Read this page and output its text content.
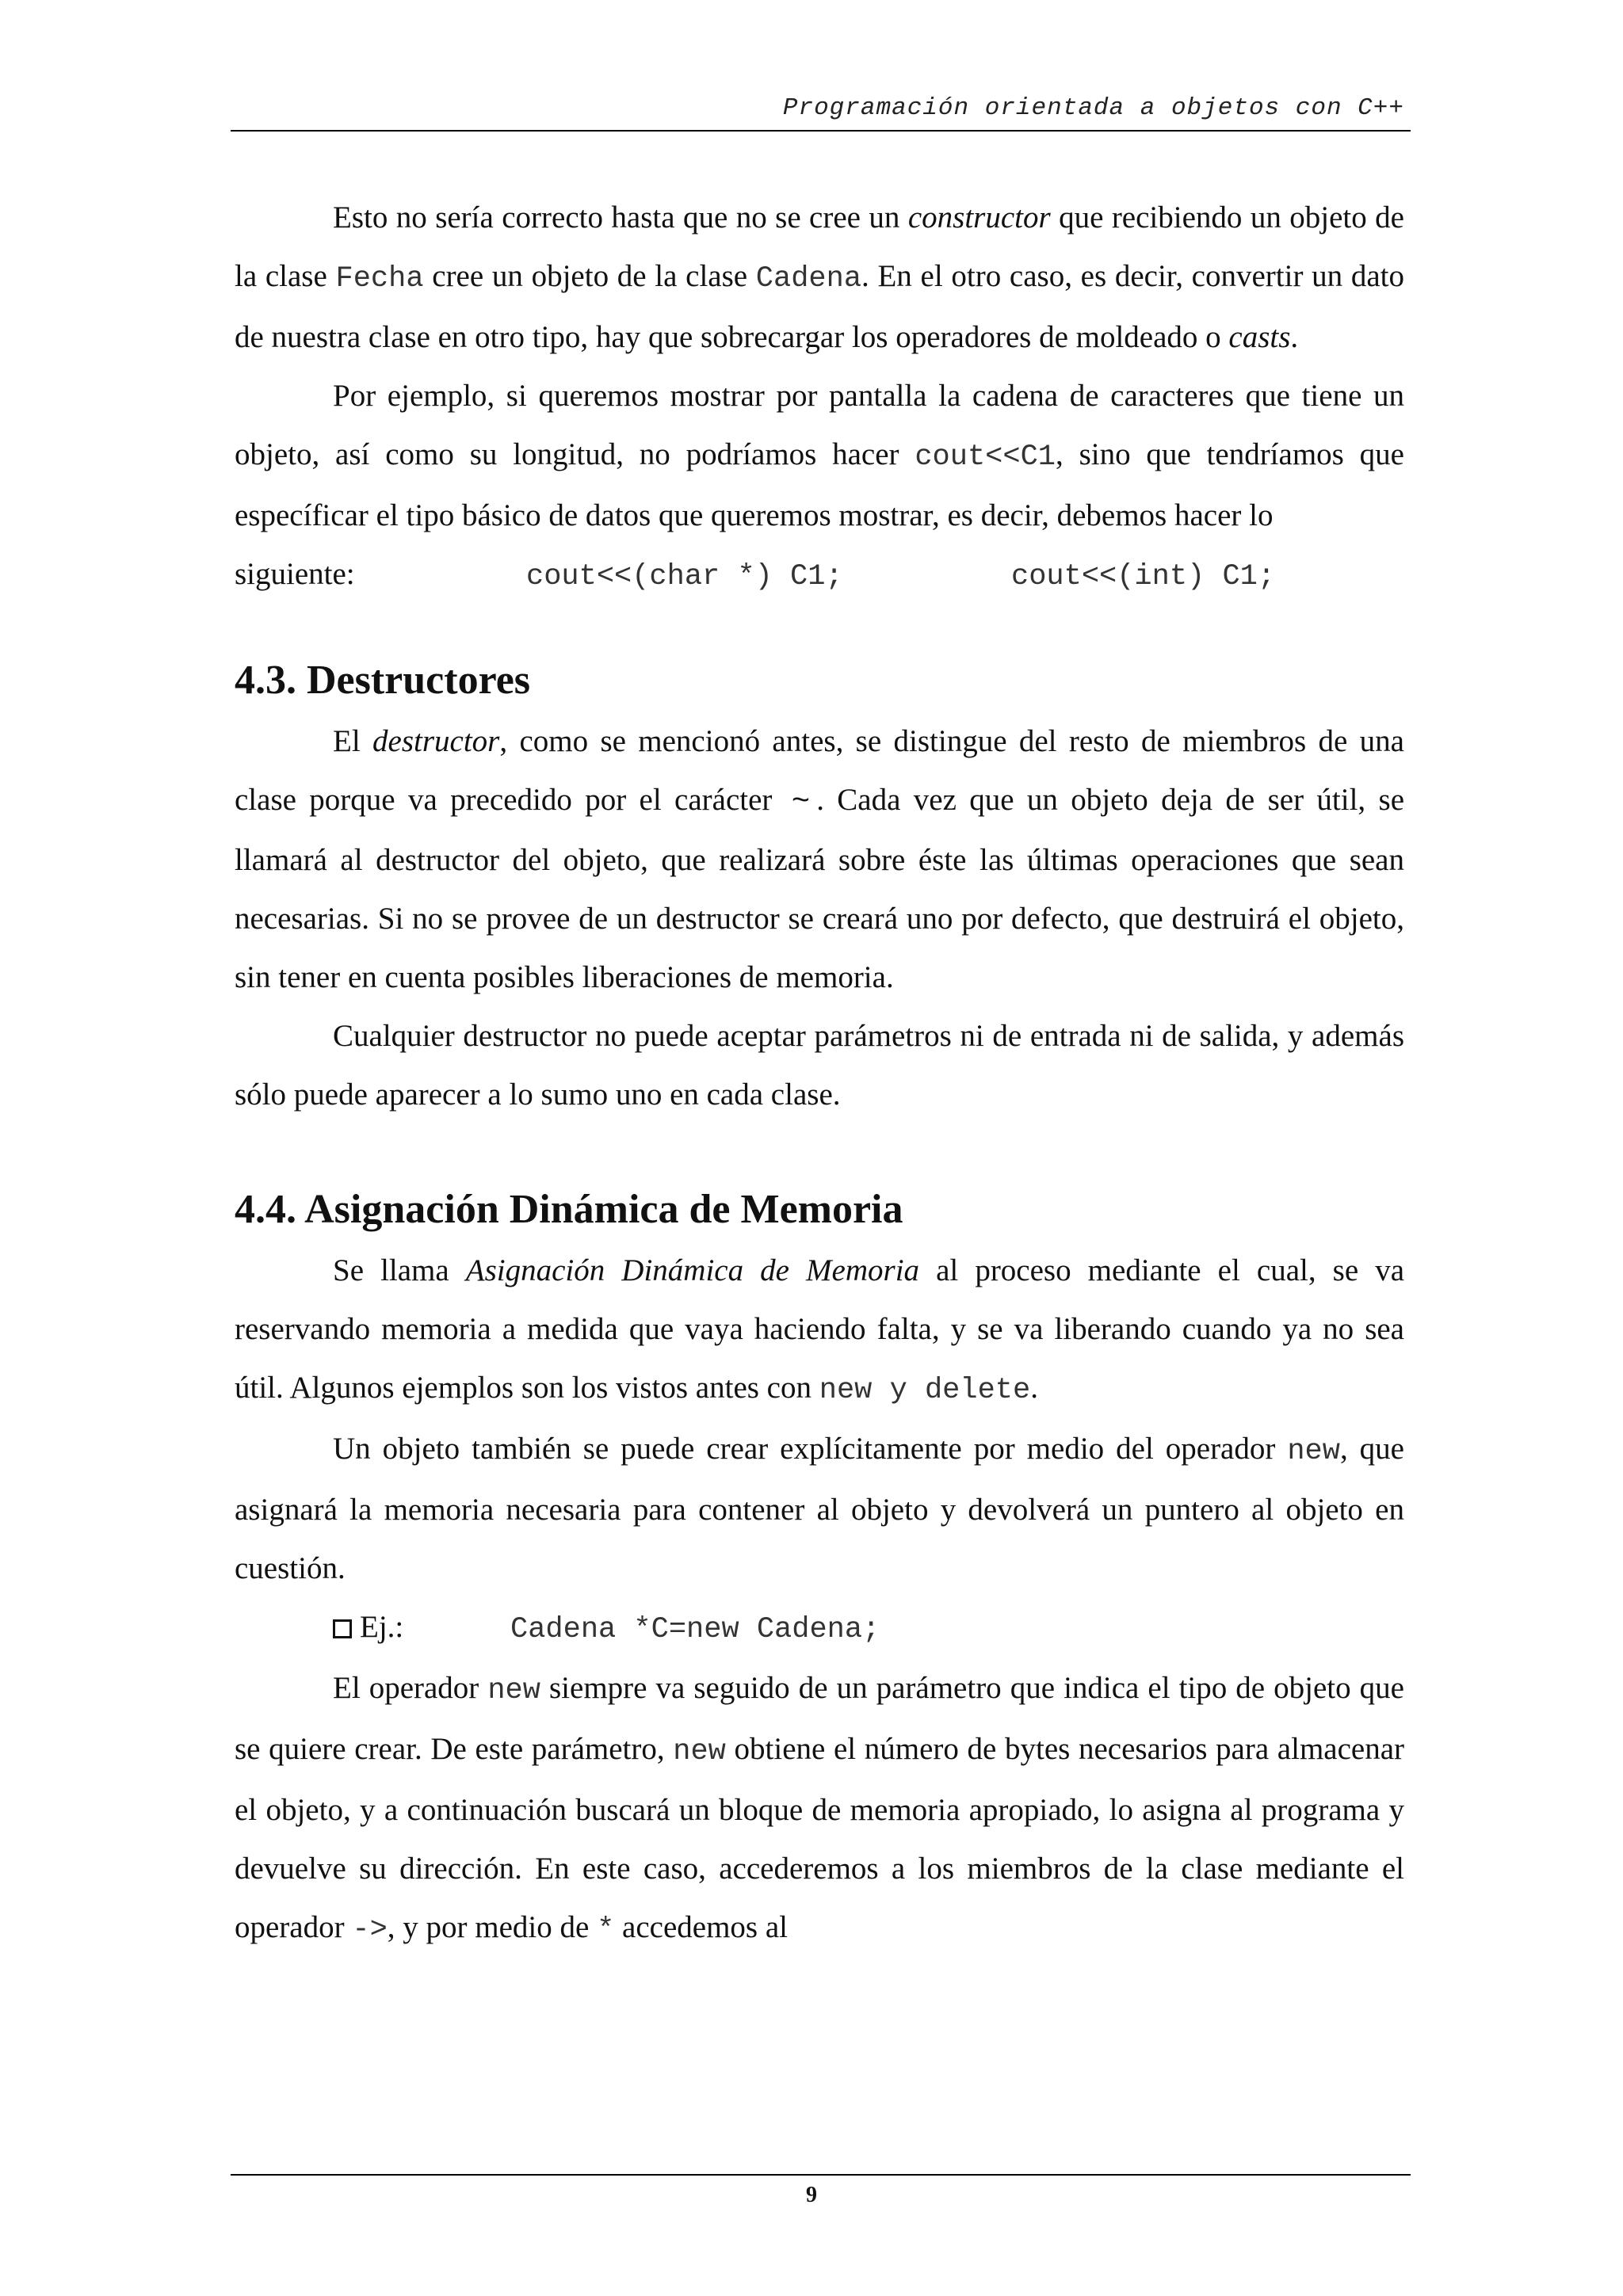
Programación orientada a objetos con C++

Esto no sería correcto hasta que no se cree un constructor que recibiendo un objeto de la clase Fecha cree un objeto de la clase Cadena. En el otro caso, es decir, convertir un dato de nuestra clase en otro tipo, hay que sobrecargar los operadores de moldeado o casts.

Por ejemplo, si queremos mostrar por pantalla la cadena de caracteres que tiene un objeto, así como su longitud, no podríamos hacer cout<<C1, sino que tendríamos que específicar el tipo básico de datos que queremos mostrar, es decir, debemos hacer lo

siguiente:	cout<<(char *) C1;	cout<<(int) C1;
4.3. Destructores

El destructor, como se mencionó antes, se distingue del resto de miembros de una clase porque va precedido por el carácter ~ . Cada vez que un objeto deja de ser útil, se llamará al destructor del objeto, que realizará sobre éste las últimas operaciones que sean necesarias. Si no se provee de un destructor se creará uno por defecto, que destruirá el objeto, sin tener en cuenta posibles liberaciones de memoria.

Cualquier destructor no puede aceptar parámetros ni de entrada ni de salida, y además sólo puede aparecer a lo sumo uno en cada clase.

4.4. Asignación Dinámica de Memoria

Se llama Asignación Dinámica de Memoria al proceso mediante el cual, se va reservando memoria a medida que vaya haciendo falta, y se va liberando cuando ya no sea útil. Algunos ejemplos son los vistos antes con new y delete.

Un objeto también se puede crear explícitamente por medio del operador new, que asignará la memoria necesaria para contener al objeto y devolverá un puntero al objeto en cuestión.

Ej.:	Cadena *C=new Cadena;

El operador new siempre va seguido de un parámetro que indica el tipo de objeto que se quiere crear. De este parámetro, new obtiene el número de bytes necesarios para almacenar el objeto, y a continuación buscará un bloque de memoria apropiado, lo asigna al programa y devuelve su dirección. En este caso, accederemos a los miembros de la clase mediante el operador ->, y por medio de * accedemos al

9
